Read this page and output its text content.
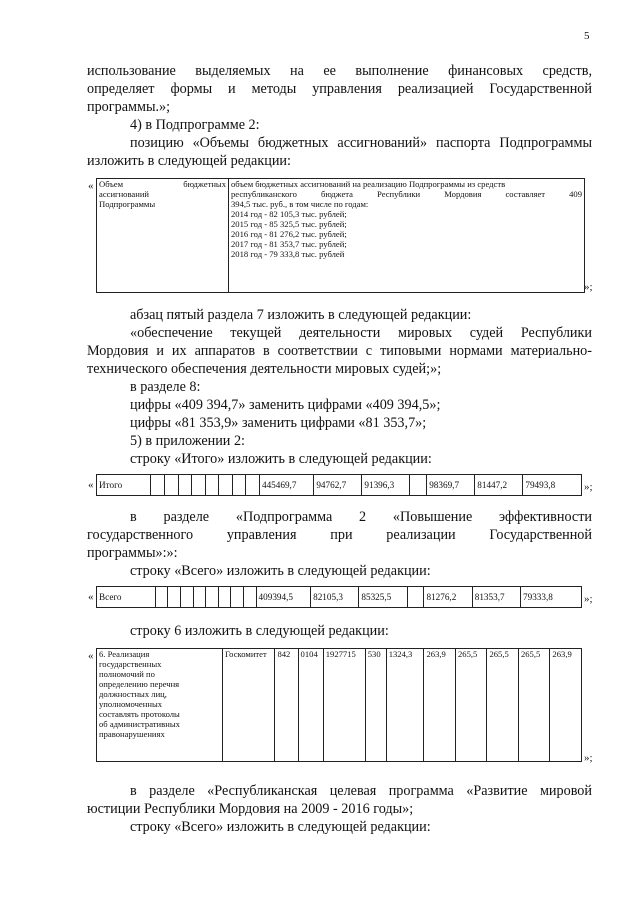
5
использование выделяемых на ее выполнение финансовых средств,
определяет формы и методы управления реализацией Государственной
программы.»;
4) в Подпрограмме 2:
позицию «Объемы бюджетных ассигнований» паспорта Подпрограммы
изложить в следующей редакции:
« Объем	бюджетных
ассигнований
Подпрограммы

объем бюджетных ассигнований на реализацию Подпрограммы из средств
республиканского бюджета Республики Мордовия составляет 409
394,5 тыс. руб., в том числе по годам:
2014 год - 82 105,3 тыс. рублей;
2015 год - 85 325,5 тыс. рублей;
2016 год - 81 276,2 тыс. рублей;
2017 год - 81 353,7 тыс. рублей;
2018 год - 79 333,8 тыс. рублей
»;
абзац пятый раздела 7 изложить в следующей редакции:
«обеспечение текущей деятельности мировых судей Республики
Мордовия и их аппаратов в соответствии с типовыми нормами материально-
технического обеспечения деятельности мировых судей;»;
в разделе 8:
цифры «409 394,7» заменить цифрами «409 394,5»;
цифры «81 353,9» заменить цифрами «81 353,7»;
5) в приложении 2:
строку «Итого» изложить в следующей редакции:
« Итого									445469,7	94762,7	91396,3		98369,7	81447,2	79493,8	»;
в разделе «Подпрограмма 2 «Повышение эффективности
государственного управления при реализации Государственной
программы»:»:
строку «Всего» изложить в следующей редакции:
« Всего									409394,5	82105,3	85325,5		81276,2	81353,7	79333,8	»;
строку 6 изложить в следующей редакции:
« 6. Реализация
государственных
полномочий по
определению перечня
должностных лиц,
уполномоченных
составлять протоколы
об административных
правонарушениях
	Госкомитет	842	0104	1927715	530	1324,3	263,9	265,5	265,5	265,5	263,9
»;
в разделе «Республиканская целевая программа «Развитие мировой
юстиции Республики Мордовия на 2009 - 2016 годы»;
строку «Всего» изложить в следующей редакции:
